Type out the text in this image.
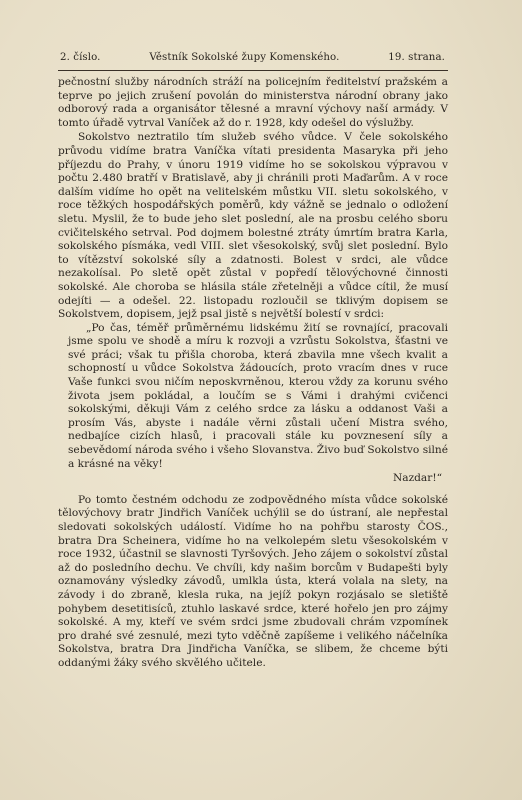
2. číslo.	Věstník Sokolské župy Komenského.	19. strana.

pečnostní služby národních stráží na policejním ředitelství pražském a teprve po jejich zrušení povolán do ministerstva národní obrany jako odborový rada a organisátor tělesné a mravní výchovy naší armády. V tomto úřadě vytrval Vaníček až do r. 1928, kdy odešel do výslužby.

Sokolstvo neztratilo tím služeb svého vůdce. V čele sokolského průvodu vidíme bratra Vaníčka vítati presidenta Masaryka při jeho příjezdu do Prahy, v únoru 1919 vidíme ho se sokolskou výpravou v počtu 2.480 bratří v Bratislavě, aby ji chránili proti Maďarům. A v roce dalším vidíme ho opět na velitelském můstku VII. sletu sokolského, v roce těžkých hospodářských poměrů, kdy vážně se jednalo o odložení sletu. Myslil, že to bude jeho slet poslední, ale na prosbu celého sboru cvičitelského setrval. Pod dojmem bolestné ztráty úmrtím bratra Karla, sokolského písmáka, vedl VIII. slet všesokolský, svůj slet poslední. Bylo to vítězství sokolské síly a zdatnosti. Bolest v srdci, ale vůdce nezakolísal. Po sletě opět zůstal v popředí tělovýchovné činnosti sokolské. Ale choroba se hlásila stále zřetelněji a vůdce cítil, že musí odejíti — a odešel. 22. listopadu rozloučil se tklivým dopisem se Sokolstvem, dopisem, jejž psal jistě s největší bolestí v srdci:

„Po čas, téměř průměrnému lidskému žití se rovnající, pracovali jsme spolu ve shodě a míru k rozvoji a vzrůstu Sokolstva, šťastni ve své práci; však tu přišla choroba, která zbavila mne všech kvalit a schopností u vůdce Sokolstva žádoucích, proto vracím dnes v ruce Vaše funkci svou ničím neposkvrněnou, kterou vždy za korunu svého života jsem pokládal, a loučím se s Vámi i drahými cvičenci sokolskými, děkuji Vám z celého srdce za lásku a oddanost Vaši a prosím Vás, abyste i nadále věrni zůstali učení Mistra svého, nedbajíce cizích hlasů, i pracovali stále ku povznesení síly a sebevědomí národa svého i všeho Slovanstva. Živo buď Sokolstvo silné a krásné na věky!

Nazdar!“

Po tomto čestném odchodu ze zodpovědného místa vůdce sokolské tělovýchovy bratr Jindřich Vaníček uchýlil se do ústraní, ale nepřestal sledovati sokolských událostí. Vidíme ho na pohřbu starosty ČOS., bratra Dra Scheinera, vidíme ho na velkolepém sletu všesokolském v roce 1932, účastnil se slavnosti Tyršových. Jeho zájem o sokolství zůstal až do posledního dechu. Ve chvíli, kdy našim borcům v Budapešti byly oznamovány výsledky závodů, umlkla ústa, která volala na slety, na závody i do zbraně, klesla ruka, na jejíž pokyn rozjásalo se sletiště pohybem desetitisíců, ztuhlo laskavé srdce, které hořelo jen pro zájmy sokolské. A my, kteří ve svém srdci jsme zbudovali chrám vzpomínek pro drahé své zesnulé, mezi tyto vděčně zapíšeme i velikého náčelníka Sokolstva, bratra Dra Jindřicha Vaníčka, se slibem, že chceme býti oddanými žáky svého skvělého učitele.
